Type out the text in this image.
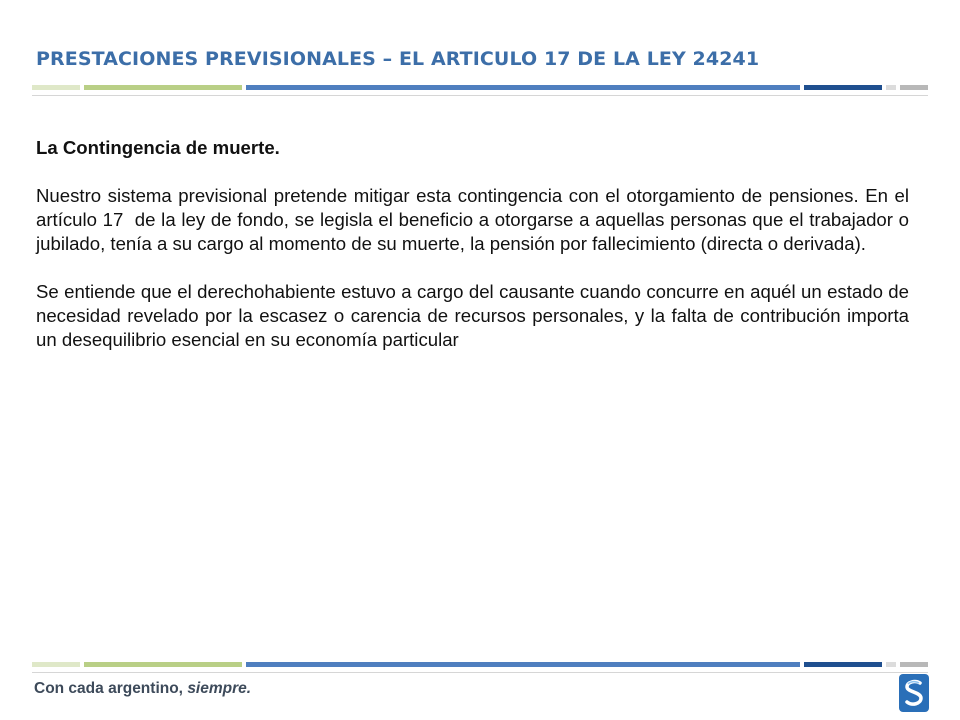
PRESTACIONES PREVISIONALES – EL ARTICULO 17 DE LA LEY 24241
La Contingencia de muerte.
Nuestro sistema previsional pretende mitigar esta contingencia con el otorgamiento de pensiones. En el artículo 17  de la ley de fondo, se legisla el beneficio a otorgarse a aquellas personas que el trabajador o jubilado, tenía a su cargo al momento de su muerte, la pensión por fallecimiento (directa o derivada).
Se entiende que el derechohabiente estuvo a cargo del causante cuando concurre en aquél un estado de necesidad revelado por la escasez o carencia de recursos personales, y la falta de contribución importa un desequilibrio esencial en su economía particular
Con cada argentino, siempre.
